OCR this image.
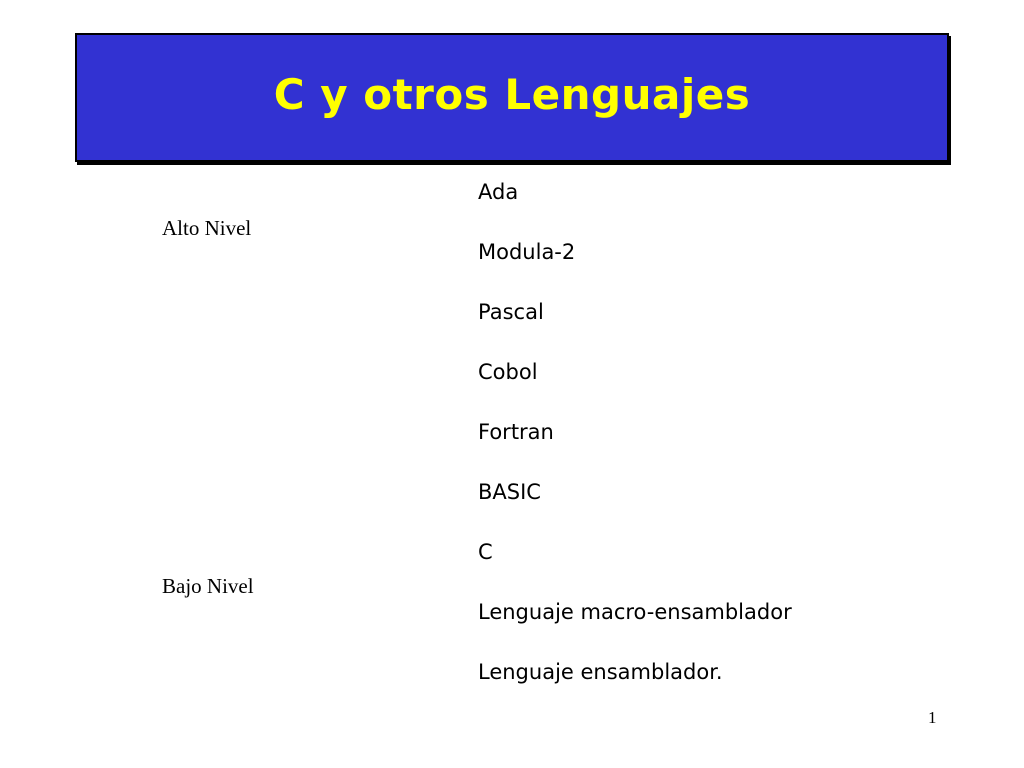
C y otros Lenguajes
Alto Nivel
Bajo Nivel
Ada
Modula-2
Pascal
Cobol
Fortran
BASIC
C
Lenguaje macro-ensamblador
Lenguaje ensamblador.
1
